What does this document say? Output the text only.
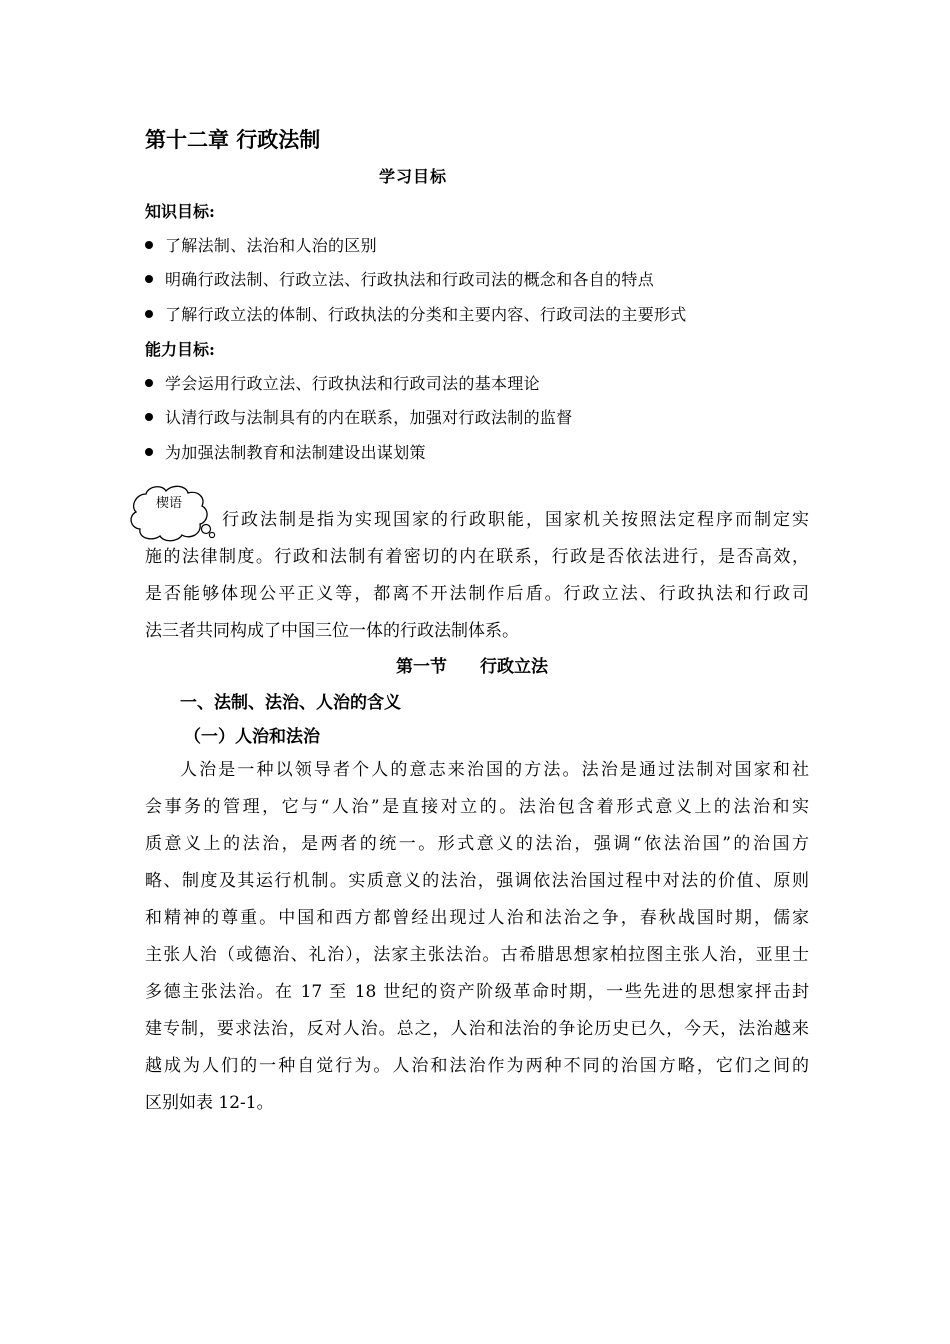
第十二章 行政法制
学习目标
知识目标:
了解法制、法治和人治的区别
明确行政法制、行政立法、行政执法和行政司法的概念和各自的特点
了解行政立法的体制、行政执法的分类和主要内容、行政司法的主要形式
能力目标:
学会运用行政立法、行政执法和行政司法的基本理论
认清行政与法制具有的内在联系，加强对行政法制的监督
为加强法制教育和法制建设出谋划策
楔语
行政法制是指为实现国家的行政职能，国家机关按照法定程序而制定实
施的法律制度。行政和法制有着密切的内在联系，行政是否依法进行，是否高效，
是否能够体现公平正义等，都离不开法制作后盾。行政立法、行政执法和行政司
法三者共同构成了中国三位一体的行政法制体系。
第一节 行政立法
一、法制、法治、人治的含义
（一）人治和法治
人治是一种以领导者个人的意志来治国的方法。法治是通过法制对国家和社
会事务的管理，它与“人治”是直接对立的。法治包含着形式意义上的法治和实
质意义上的法治，是两者的统一。形式意义的法治，强调“依法治国”的治国方
略、制度及其运行机制。实质意义的法治，强调依法治国过程中对法的价值、原则
和精神的尊重。中国和西方都曾经出现过人治和法治之争，春秋战国时期，儒家
主张人治（或德治、礼治），法家主张法治。古希腊思想家柏拉图主张人治，亚里士
多德主张法治。在 17 至 18 世纪的资产阶级革命时期，一些先进的思想家抨击封
建专制，要求法治，反对人治。总之，人治和法治的争论历史已久，今天，法治越来
越成为人们的一种自觉行为。人治和法治作为两种不同的治国方略，它们之间的
区别如表 12-1。
